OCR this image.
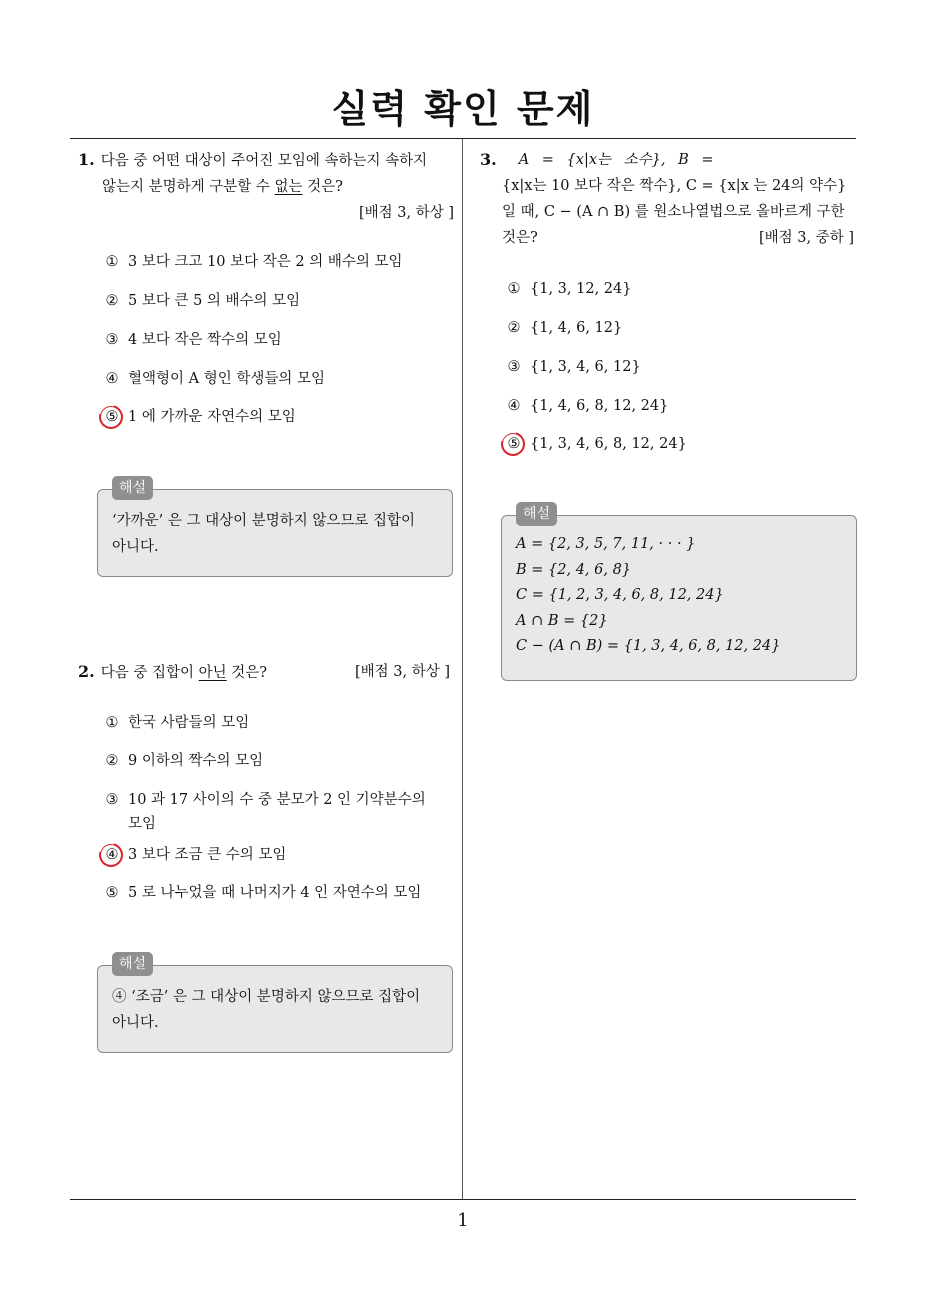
실력 확인 문제
1. 다음 중 어떤 대상이 주어진 모임에 속하는지 속하지
않는지 분명하게 구분할 수 없는 것은?
[배점 3, 하상 ]
① 3 보다 크고 10 보다 작은 2 의 배수의 모임
② 5 보다 큰 5 의 배수의 모임
③ 4 보다 작은 짝수의 모임
④ 혈액형이 A 형인 학생들의 모임
⑤ 1 에 가까운 자연수의 모임
해설
‘가까운’ 은 그 대상이 분명하지 않으므로 집합이
아니다.
2. 다음 중 집합이 아닌 것은?	[배점 3, 하상 ]
① 한국 사람들의 모임
② 9 이하의 짝수의 모임
③ 10 과 17 사이의 수 중 분모가 2 인 기약분수의
모임
④ 3 보다 조금 큰 수의 모임
⑤ 5 로 나누었을 때 나머지가 4 인 자연수의 모임
해설
④ ‘조금’ 은 그 대상이 분명하지 않으므로 집합이
아니다.
3. A = {x|x는 소수}, B =
{x|x는 10 보다 작은 짝수}, C = {x|x 는 24의 약수}
일 때, C − (A ∩ B) 를 원소나열법으로 올바르게 구한
것은?	[배점 3, 중하 ]
① {1, 3, 12, 24}
② {1, 4, 6, 12}
③ {1, 3, 4, 6, 12}
④ {1, 4, 6, 8, 12, 24}
⑤ {1, 3, 4, 6, 8, 12, 24}
해설
A = {2, 3, 5, 7, 11, · · · }
B = {2, 4, 6, 8}
C = {1, 2, 3, 4, 6, 8, 12, 24}
A ∩ B = {2}
C − (A ∩ B) = {1, 3, 4, 6, 8, 12, 24}
1
